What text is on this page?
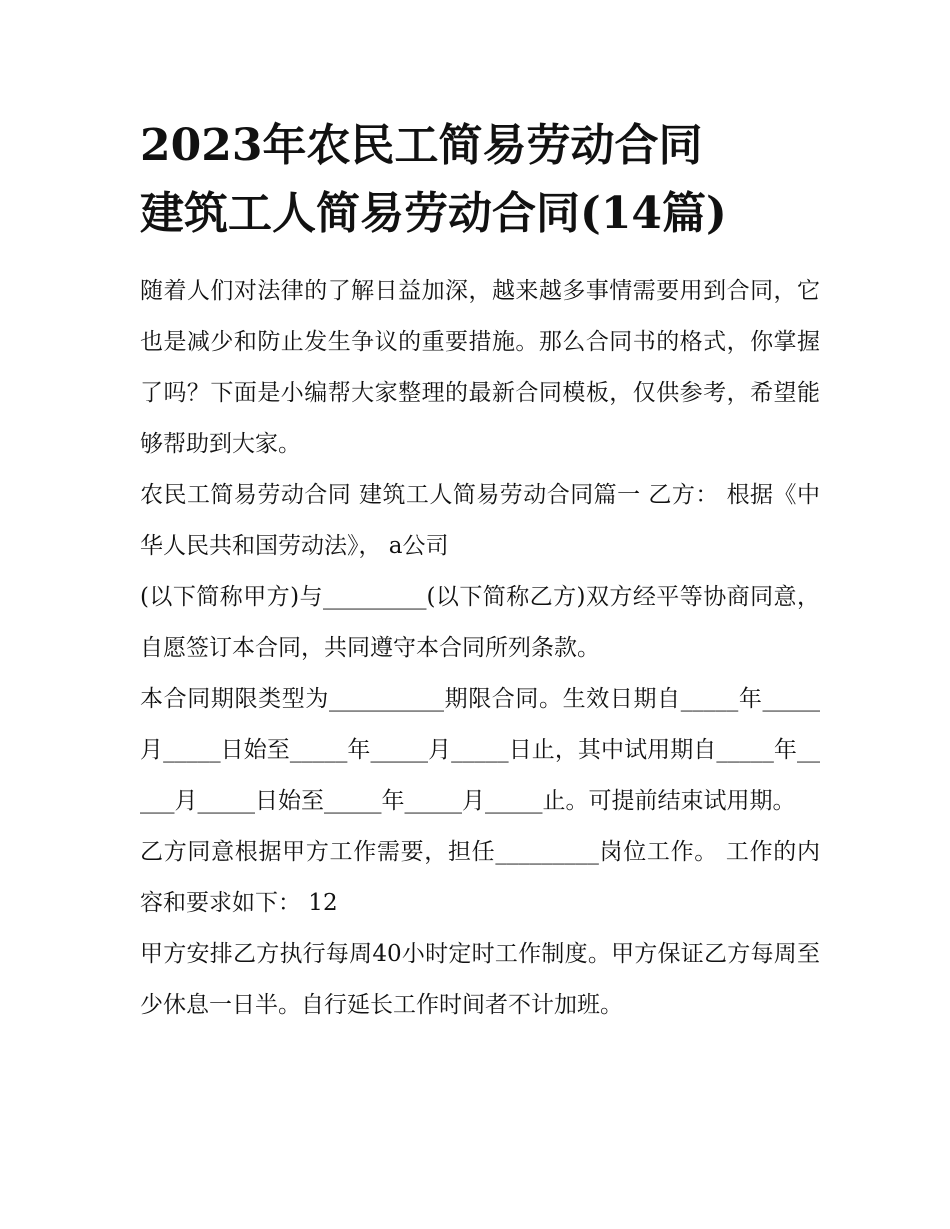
2023年农民工简易劳动合同
建筑工人简易劳动合同(14篇)

随着人们对法律的了解日益加深，越来越多事情需要用到合同，它也是减少和防止发生争议的重要措施。那么合同书的格式，你掌握了吗？下面是小编帮大家整理的最新合同模板，仅供参考，希望能够帮助到大家。

农民工简易劳动合同 建筑工人简易劳动合同篇一 乙方： 根据《中华人民共和国劳动法》， a公司

(以下简称甲方)与_________(以下简称乙方)双方经平等协商同意，自愿签订本合同，共同遵守本合同所列条款。

本合同期限类型为__________期限合同。生效日期自_____年_____月_____日始至_____年_____月_____日止，其中试用期自_____年_____月_____日始至_____年_____月_____止。可提前结束试用期。

乙方同意根据甲方工作需要，担任_________岗位工作。 工作的内容和要求如下： 12

甲方安排乙方执行每周40小时定时工作制度。甲方保证乙方每周至少休息一日半。自行延长工作时间者不计加班。
